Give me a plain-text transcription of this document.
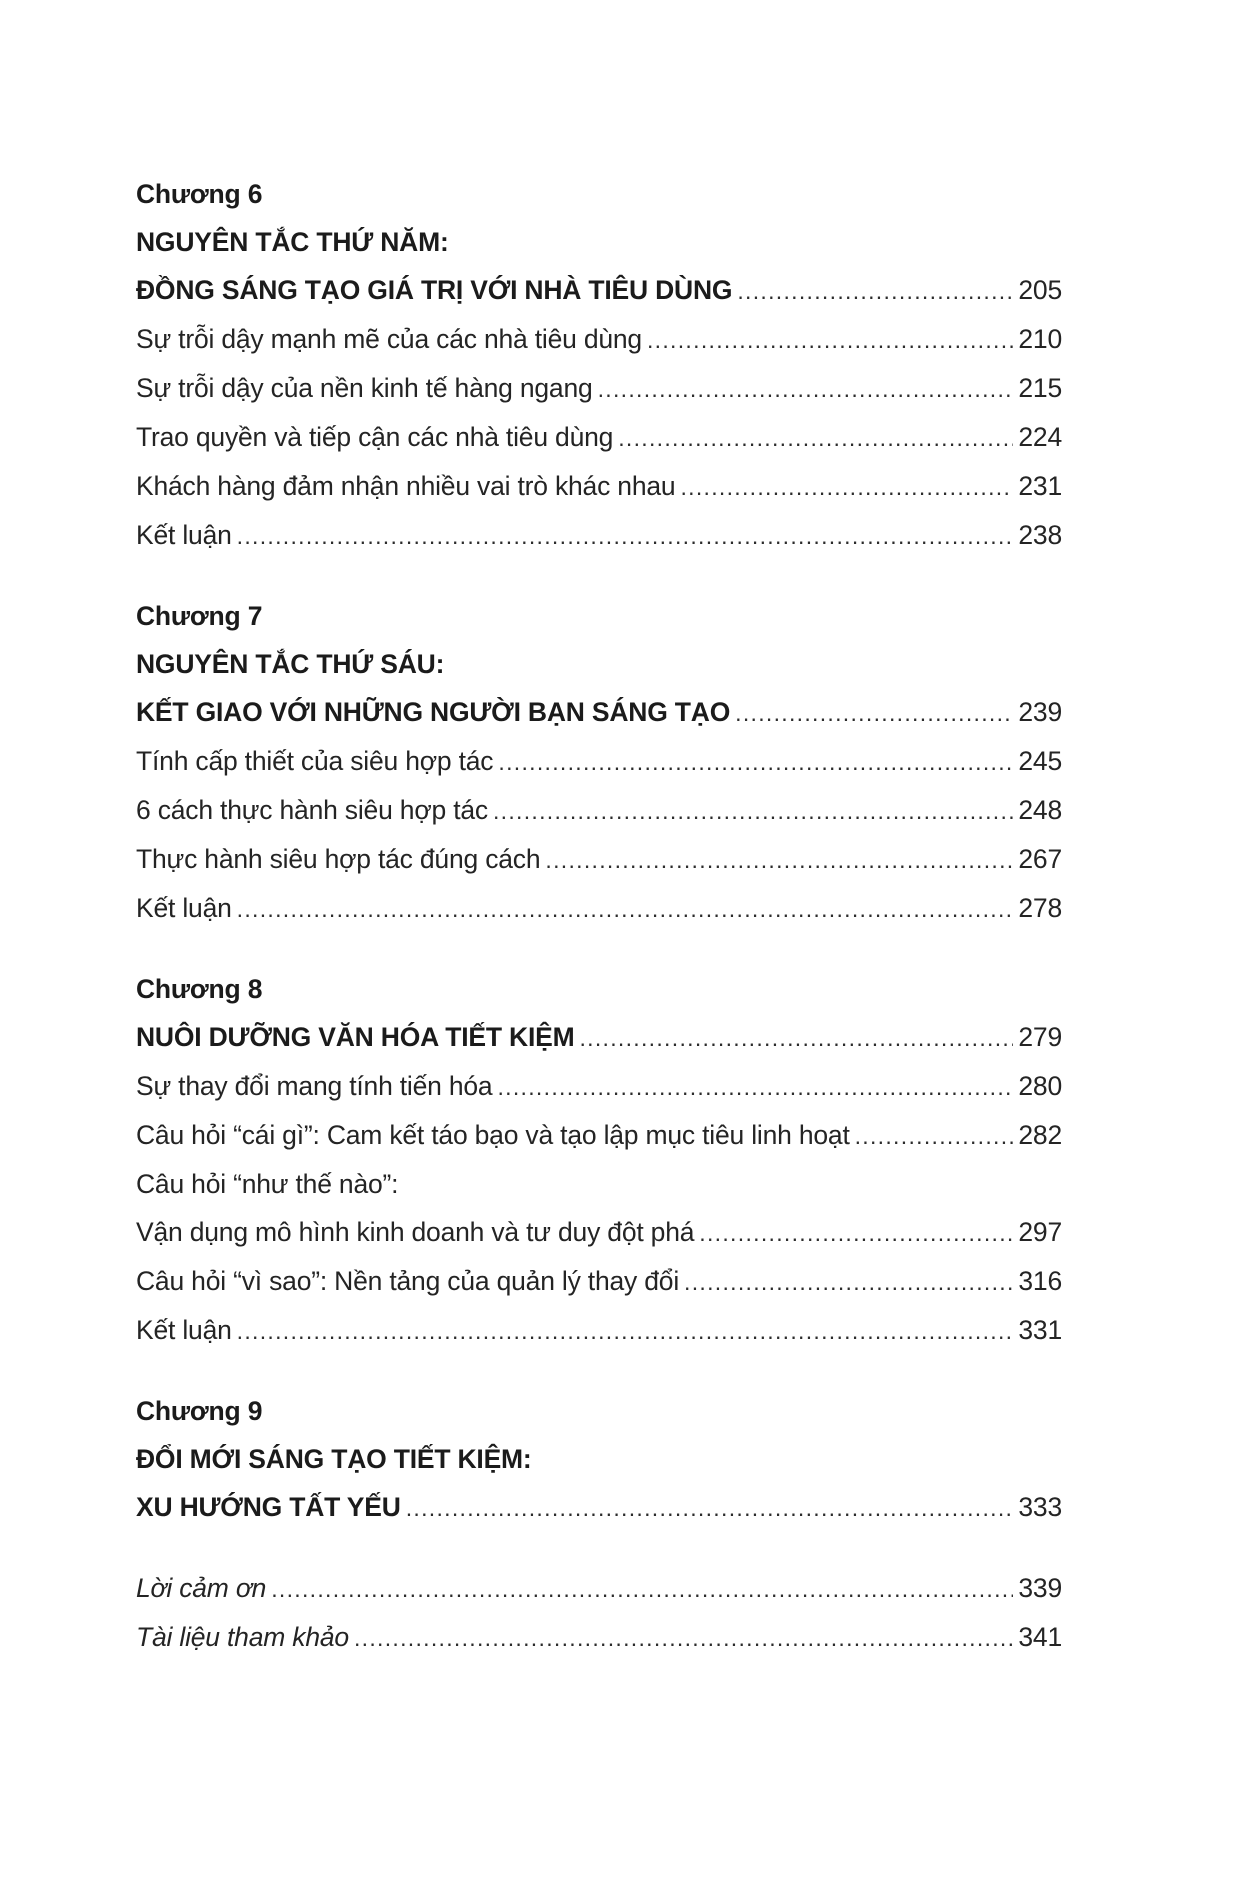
Chương 6
NGUYÊN TẮC THỨ NĂM:
ĐỒNG SÁNG TẠO GIÁ TRỊ VỚI NHÀ TIÊU DÙNG .....	205
Sự trỗi dậy mạnh mẽ của các nhà tiêu dùng .....	210
Sự trỗi dậy của nền kinh tế hàng ngang .....	215
Trao quyền và tiếp cận các nhà tiêu dùng .....	224
Khách hàng đảm nhận nhiều vai trò khác nhau .....	231
Kết luận .....	238
Chương 7
NGUYÊN TẮC THỨ SÁU:
KẾT GIAO VỚI NHỮNG NGƯỜI BẠN SÁNG TẠO .....	239
Tính cấp thiết của siêu hợp tác .....	245
6 cách thực hành siêu hợp tác .....	248
Thực hành siêu hợp tác đúng cách .....	267
Kết luận .....	278
Chương 8
NUÔI DƯỠNG VĂN HÓA TIẾT KIỆM .....	279
Sự thay đổi mang tính tiến hóa .....	280
Câu hỏi “cái gì”: Cam kết táo bạo và tạo lập mục tiêu linh hoạt .....	282
Câu hỏi “như thế nào”:
Vận dụng mô hình kinh doanh và tư duy đột phá .....	297
Câu hỏi “vì sao”: Nền tảng của quản lý thay đổi .....	316
Kết luận .....	331
Chương 9
ĐỔI MỚI SÁNG TẠO TIẾT KIỆM:
XU HƯỚNG TẤT YẾU .....	333
Lời cảm ơn .....	339
Tài liệu tham khảo .....	341
